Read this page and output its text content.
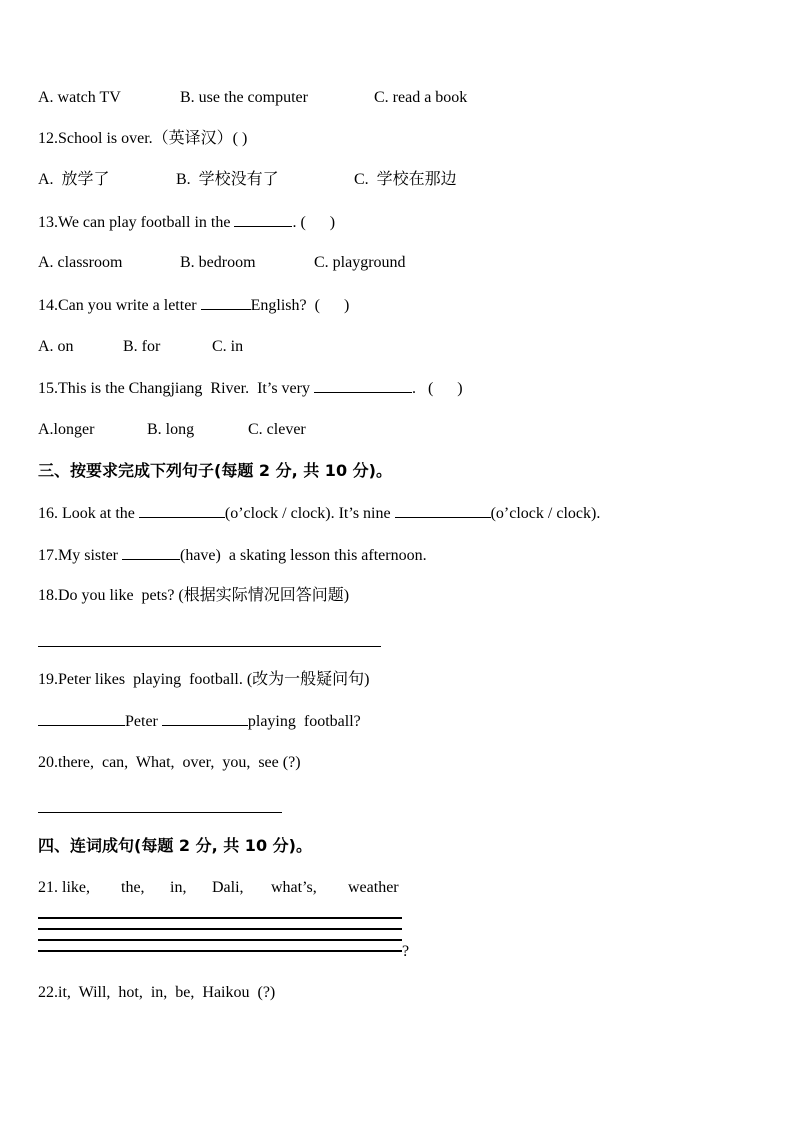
A. watch TV	B. use the computer	C. read a book
12.School is over.（英译汉）( )
A.  放学了	B.  学校没有了	C.  学校在那边
13.We can play football in the	. (      )
A. classroom	B. bedroom	C. playground
14.Can you write a letter	English?  (      )
A. on	B. for	C. in
15.This is the Changjiang  River.  It’s very	.   (      )
A.longer	B. long	C. clever
三、按要求完成下列句子(每题 2 分, 共 10 分)。
16. Look at the	(o’clock / clock). It’s nine	(o’clock / clock).
17.My sister	(have)  a skating lesson this afternoon.
18.Do you like  pets? (根据实际情况回答问题)
19.Peter likes  playing  football. (改为一般疑问句)
Peter	playing  football?
20.there,  can,  What,  over,  you,  see (?)
四、连词成句(每题 2 分, 共 10 分)。
21. like, the, in, Dali, what’s, weather
?
22.it,  Will,  hot,  in,  be,  Haikou  (?)
